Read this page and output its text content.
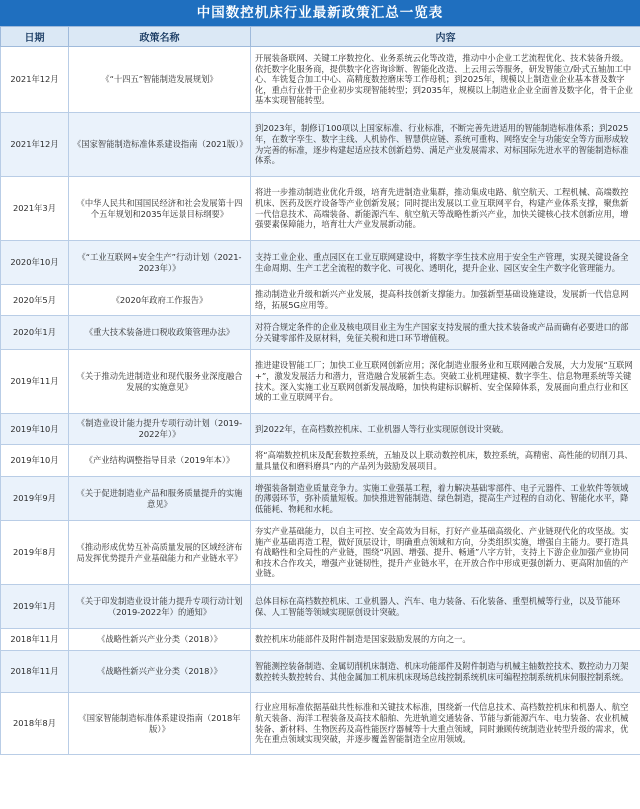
中国数控机床行业最新政策汇总一览表
日期	政策名称	内容
2021年12月	《“十四五”智能制造发展规划》	开展装备联网、关键工序数控化、业务系统云化等改造，推动中小企业工艺流程优化、技术装备升级。依托数字化服务商，提供数字化咨询诊断、智能化改造、上云用云等服务，研发智能立/卧式五轴加工中心、车铣复合加工中心、高精度数控磨床等工作母机；到2025年，规模以上制造业企业基本普及数字化，重点行业骨干企业初步实现智能转型；到2035年，规模以上制造业企业全面普及数字化，骨干企业基本实现智能转型。
2021年12月	《国家智能制造标准体系建设指南（2021版）》	到2023年，制修订100项以上国家标准、行业标准，不断完善先进适用的智能制造标准体系；到2025年，在数字孪生、数字主线、人机协作、智慧供应链、系统可重构、网络安全与功能安全等方面形成较为完善的标准，逐步构建起适应技术创新趋势、满足产业发展需求、对标国际先进水平的智能制造标准体系。
2021年3月	《中华人民共和国国民经济和社会发展第十四个五年规划和2035年远景目标纲要》	将进一步推动制造业优化升级，培育先进制造业集群，推动集成电路、航空航天、工程机械、高端数控机床、医药及医疗设备等产业创新发展；同时提出发展以工业互联网平台，构建产业体系支撑，聚焦新一代信息技术、高端装备、新能源汽车、航空航天等战略性新兴产业，加快关键核心技术创新应用，增强要素保障能力，培育壮大产业发展新动能。
2020年10月	《“工业互联网+安全生产”行动计划（2021-2023年）》	支持工业企业、重点园区在工业互联网建设中，将数字孪生技术应用于安全生产管理，实现关键设备全生命周期、生产工艺全流程的数字化、可视化、透明化，提升企业、园区安全生产数字化管理能力。
2020年5月	《2020年政府工作报告》	推动制造业升级和新兴产业发展，提高科技创新支撑能力。加强新型基础设施建设，发展新一代信息网络，拓展5G应用等。
2020年1月	《重大技术装备进口税收政策管理办法》	对符合规定条件的企业及核电项目业主为生产国家支持发展的重大技术装备或产品而确有必要进口的部分关键零部件及原材料，免征关税和进口环节增值税。
2019年11月	《关于推动先进制造业和现代服务业深度融合发展的实施意见》	推进建设智能工厂；加快工业互联网创新应用；深化制造业服务业和互联网融合发展，大力发展“互联网+”，激发发展活力和潜力，营造融合发展新生态。突破工业机理建模、数字孪生、信息物理系统等关键技术。深入实施工业互联网创新发展战略，加快构建标识解析、安全保障体系，发展面向重点行业和区域的工业互联网平台。
2019年10月	《制造业设计能力提升专项行动计划（2019-2022年）》	到2022年，在高档数控机床、工业机器人等行业实现原创设计突破。
2019年10月	《产业结构调整指导目录（2019年本）》	将“高端数控机床及配套数控系统，五轴及以上联动数控机床，数控系统，高精密、高性能的切削刀具、量具量仪和磨料磨具”内的产品列为鼓励发展项目。
2019年9月	《关于促进制造业产品和服务质量提升的实施意见》	增强装备制造业质量竞争力。实施工业强基工程，着力解决基础零部件、电子元器件、工业软件等领域的薄弱环节，弥补质量短板。加快推进智能制造、绿色制造，提高生产过程的自动化、智能化水平，降低能耗、物耗和水耗。
2019年8月	《推动形成优势互补高质量发展的区域经济布局发挥优势提升产业基础能力和产业链水平》	夯实产业基础能力，以自主可控、安全高效为目标，打好产业基础高级化、产业链现代化的攻坚战。实施产业基础再造工程，做好顶层设计，明确重点领域和方向，分类组织实施，增强自主能力。要打造具有战略性和全局性的产业链，围绕“巩固、增强、提升、畅通”八字方针，支持上下游企业加强产业协同和技术合作攻关，增强产业链韧性，提升产业链水平，在开放合作中形成更强创新力、更高附加值的产业链。
2019年1月	《关于印发制造业设计能力提升专项行动计划（2019-2022年）的通知》	总体目标在高档数控机床、工业机器人、汽车、电力装备、石化装备、重型机械等行业，以及节能环保、人工智能等领域实现原创设计突破。
2018年11月	《战略性新兴产业分类（2018）》	数控机床功能部件及附件制造是国家鼓励发展的方向之一。
2018年11月	《战略性新兴产业分类（2018）》	智能测控装备制造、金属切削机床制造、机床功能部件及附件制造与机械主轴数控技术、数控动力刀架数控转头数控转台、其他金属加工机床机床现场总线控制系统机床可编程控制系统机床伺服控制系统。
2018年8月	《国家智能制造标准体系建设指南（2018年版）》	行业应用标准依据基础共性标准和关键技术标准，围绕新一代信息技术、高档数控机床和机器人、航空航天装备、海洋工程装备及高技术船舶、先进轨道交通装备、节能与新能源汽车、电力装备、农业机械装备、新材料、生物医药及高性能医疗器械等十大重点领域，同时兼顾传统制造业转型升级的需求，优先在重点领域实现突破，并逐步覆盖智能制造全应用领域。
